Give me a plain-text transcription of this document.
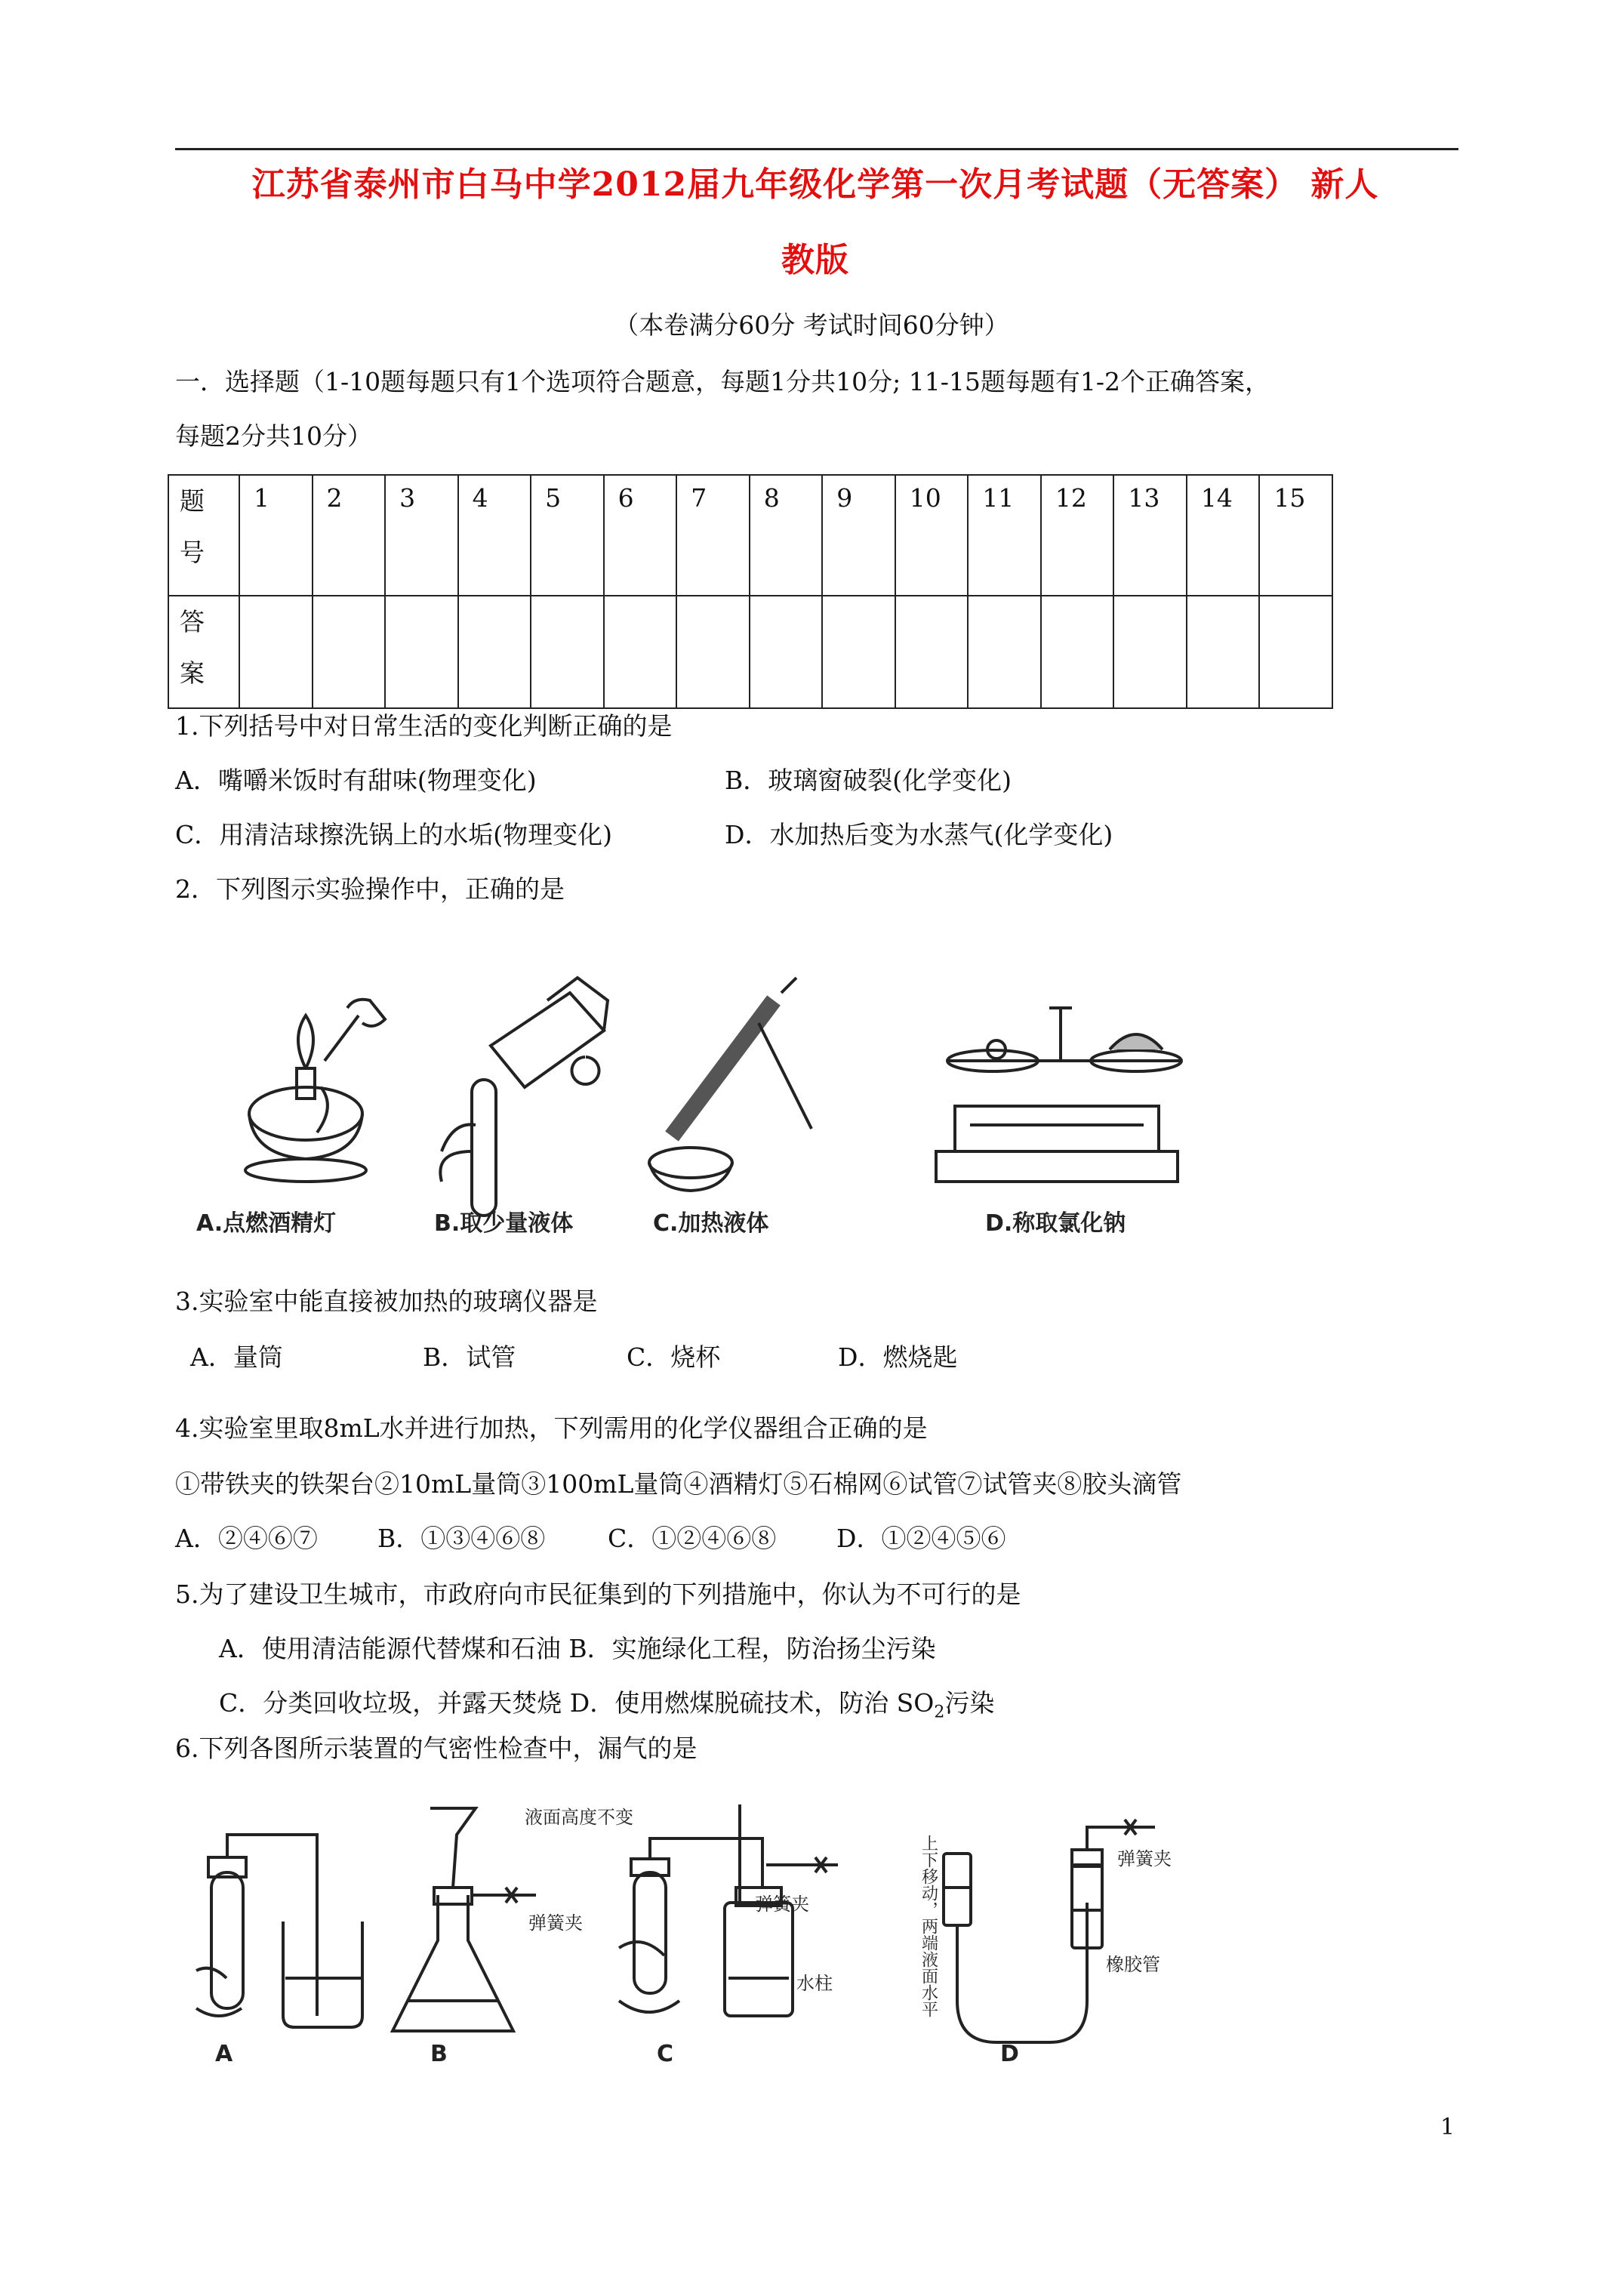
江苏省泰州市白马中学2012届九年级化学第一次月考试题（无答案） 新人
教版
（本卷满分60分 考试时间60分钟）
一．选择题（1-10题每题只有1个选项符合题意，每题1分共10分; 11-15题每题有1-2个正确答案，
每题2分共10分）
题
号	1	2	3	4	5	6	7	8	9	10	11	12	13	14	15
答
案															
1.下列括号中对日常生活的变化判断正确的是
A．嘴嚼米饭时有甜味(物理变化)	B．玻璃窗破裂(化学变化)
C．用清洁球擦洗锅上的水垢(物理变化)	D．水加热后变为水蒸气(化学变化)
2．下列图示实验操作中，正确的是
A.点燃酒精灯	B.取少量液体	C.加热液体	D.称取氯化钠
3.实验室中能直接被加热的玻璃仪器是
A．量筒	B．试管	C．烧杯	D．燃烧匙
4.实验室里取8mL水并进行加热，下列需用的化学仪器组合正确的是
①带铁夹的铁架台②10mL量筒③100mL量筒④酒精灯⑤石棉网⑥试管⑦试管夹⑧胶头滴管
A．②④⑥⑦ B．①③④⑥⑧	C．①②④⑥⑧ D．①②④⑤⑥
5.为了建设卫生城市，市政府向市民征集到的下列措施中，你认为不可行的是
A．使用清洁能源代替煤和石油 B．实施绿化工程，防治扬尘污染
C．分类回收垃圾，并露天焚烧 D．使用燃煤脱硫技术，防治 $SO_2$污染
6.下列各图所示装置的气密性检查中，漏气的是
液面高度不变
弹簧夹
弹簧夹
水柱
弹簧夹
橡胶管
上下移动，两端液面水平
A	B	C	D
1
